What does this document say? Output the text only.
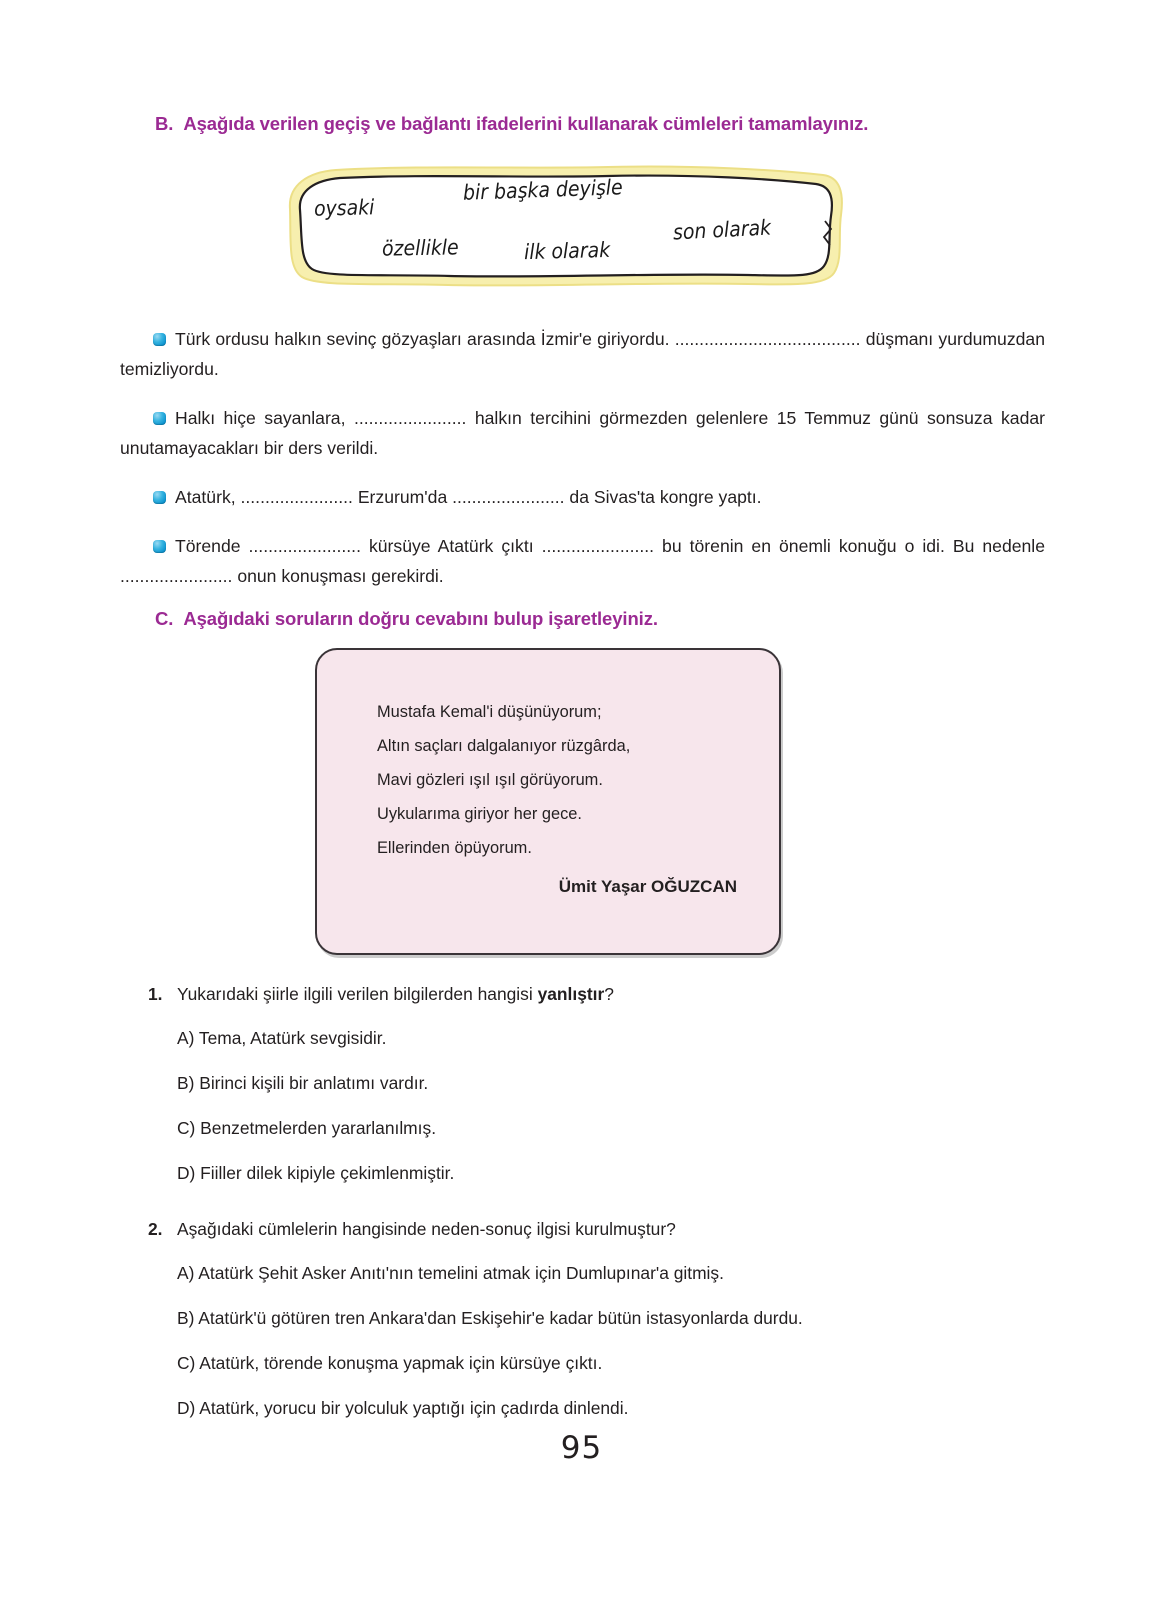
B. Aşağıda verilen geçiş ve bağlantı ifadelerini kullanarak cümleleri tamamlayınız.
oysaki
bir başka deyişle
özellikle	ilk olarak
son olarak
Türk ordusu halkın sevinç gözyaşları arasında İzmir'e giriyordu. ...................................... düşmanı yurdumuzdan temizliyordu.
Halkı hiçe sayanlara, ....................... halkın tercihini görmezden gelenlere 15 Temmuz günü sonsuza kadar unutamayacakları bir ders verildi.
Atatürk, ....................... Erzurum'da ....................... da Sivas'ta kongre yaptı.
Törende ....................... kürsüye Atatürk çıktı ....................... bu törenin en önemli konuğu o idi. Bu nedenle ....................... onun konuşması gerekirdi.
C. Aşağıdaki soruların doğru cevabını bulup işaretleyiniz.
Mustafa Kemal'i düşünüyorum;
Altın saçları dalgalanıyor rüzgârda,
Mavi gözleri ışıl ışıl görüyorum.
Uykularıma giriyor her gece.
Ellerinden öpüyorum.
Ümit Yaşar OĞUZCAN
1. Yukarıdaki şiirle ilgili verilen bilgilerden hangisi yanlıştır?
A) Tema, Atatürk sevgisidir.
B) Birinci kişili bir anlatımı vardır.
C) Benzetmelerden yararlanılmış.
D) Fiiller dilek kipiyle çekimlenmiştir.
2. Aşağıdaki cümlelerin hangisinde neden-sonuç ilgisi kurulmuştur?
A) Atatürk Şehit Asker Anıtı'nın temelini atmak için Dumlupınar'a gitmiş.
B) Atatürk'ü götüren tren Ankara'dan Eskişehir'e kadar bütün istasyonlarda durdu.
C) Atatürk, törende konuşma yapmak için kürsüye çıktı.
D) Atatürk, yorucu bir yolculuk yaptığı için çadırda dinlendi.
95
